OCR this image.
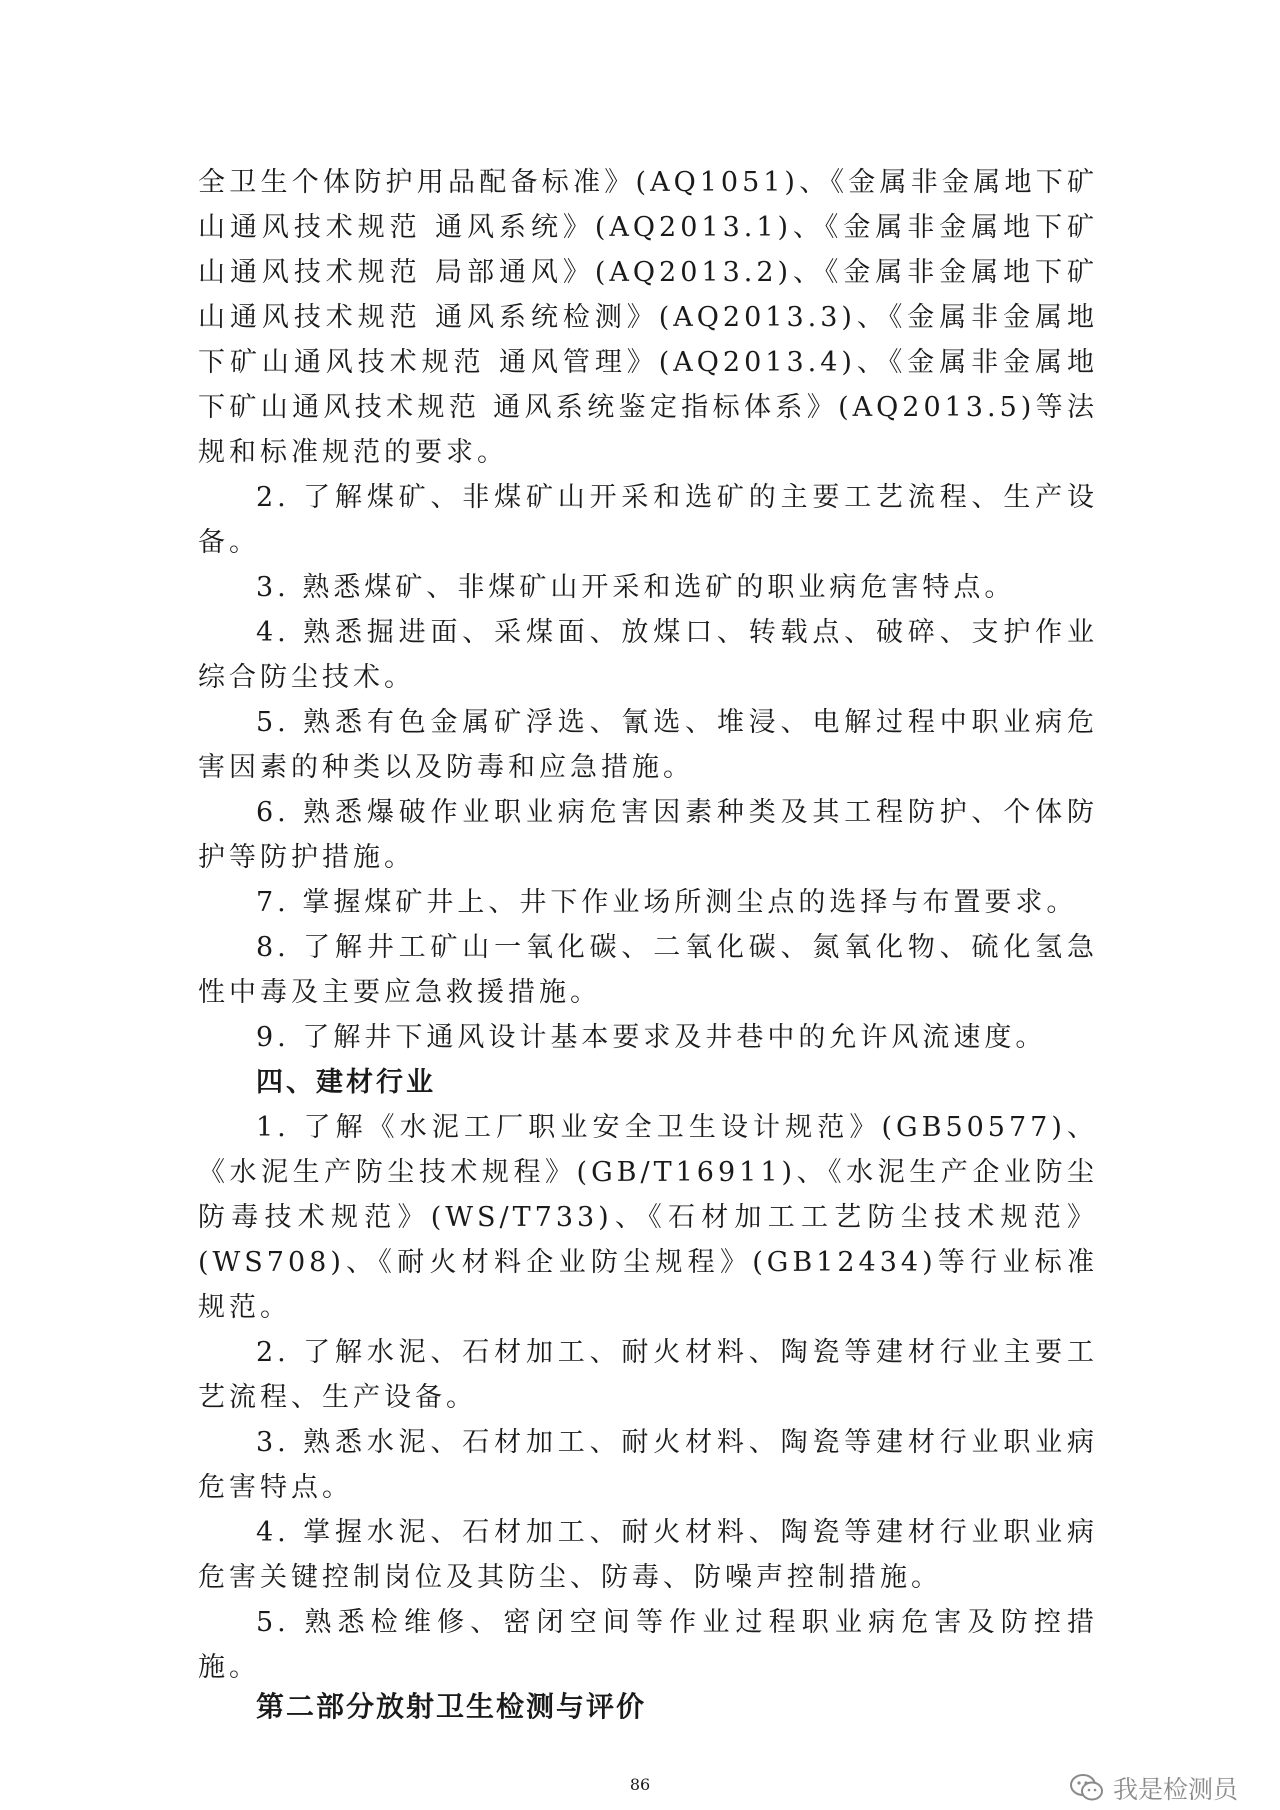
全卫生个体防护用品配备标准》(AQ1051)、《金属非金属地下矿山通风技术规范 通风系统》(AQ2013.1)、《金属非金属地下矿山通风技术规范 局部通风》(AQ2013.2)、《金属非金属地下矿山通风技术规范 通风系统检测》(AQ2013.3)、《金属非金属地下矿山通风技术规范 通风管理》(AQ2013.4)、《金属非金属地下矿山通风技术规范 通风系统鉴定指标体系》(AQ2013.5)等法规和标准规范的要求。

2. 了解煤矿、非煤矿山开采和选矿的主要工艺流程、生产设备。

3. 熟悉煤矿、非煤矿山开采和选矿的职业病危害特点。

4. 熟悉掘进面、采煤面、放煤口、转载点、破碎、支护作业综合防尘技术。

5. 熟悉有色金属矿浮选、氰选、堆浸、电解过程中职业病危害因素的种类以及防毒和应急措施。

6. 熟悉爆破作业职业病危害因素种类及其工程防护、个体防护等防护措施。

7. 掌握煤矿井上、井下作业场所测尘点的选择与布置要求。

8. 了解井工矿山一氧化碳、二氧化碳、氮氧化物、硫化氢急性中毒及主要应急救援措施。

9. 了解井下通风设计基本要求及井巷中的允许风流速度。

四、建材行业

1. 了解《水泥工厂职业安全卫生设计规范》(GB50577)、《水泥生产防尘技术规程》(GB/T16911)、《水泥生产企业防尘防毒技术规范》(WS/T733)、《石材加工工艺防尘技术规范》(WS708)、《耐火材料企业防尘规程》(GB12434)等行业标准规范。

2. 了解水泥、石材加工、耐火材料、陶瓷等建材行业主要工艺流程、生产设备。

3. 熟悉水泥、石材加工、耐火材料、陶瓷等建材行业职业病危害特点。

4. 掌握水泥、石材加工、耐火材料、陶瓷等建材行业职业病危害关键控制岗位及其防尘、防毒、防噪声控制措施。

5. 熟悉检维修、密闭空间等作业过程职业病危害及防控措施。

第二部分放射卫生检测与评价
86	我是检测员
